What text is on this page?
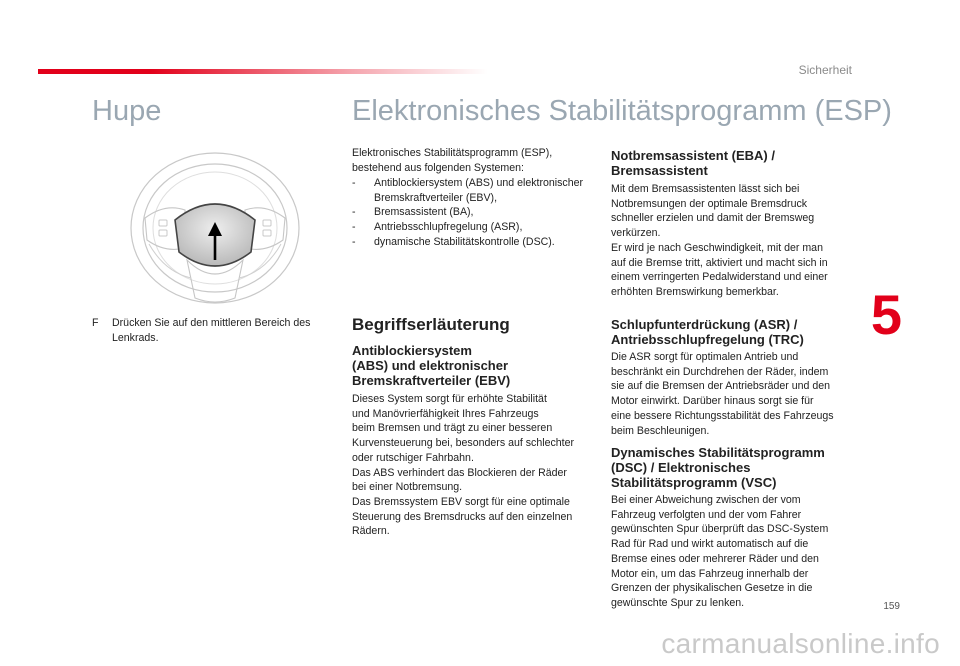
Sicherheit
Hupe	Elektronisches Stabilitätsprogramm (ESP)
F	Drücken Sie auf den mittleren Bereich des Lenkrads.
Elektronisches Stabilitätsprogramm (ESP),
bestehend aus folgenden Systemen:
- Antiblockiersystem (ABS) und elektronischer Bremskraftverteiler (EBV),
- Bremsassistent (BA),
- Antriebsschlupfregelung (ASR),
- dynamische Stabilitätskontrolle (DSC).
Begriffserläuterung
Antiblockiersystem
(ABS) und elektronischer
Bremskraftverteiler (EBV)
Dieses System sorgt für erhöhte Stabilität
und Manövrierfähigkeit Ihres Fahrzeugs
beim Bremsen und trägt zu einer besseren
Kurvensteuerung bei, besonders auf schlechter
oder rutschiger Fahrbahn.
Das ABS verhindert das Blockieren der Räder
bei einer Notbremsung.
Das Bremssystem EBV sorgt für eine optimale
Steuerung des Bremsdrucks auf den einzelnen
Rädern.
Notbremsassistent (EBA) /
Bremsassistent
Mit dem Bremsassistenten lässt sich bei
Notbremsungen der optimale Bremsdruck
schneller erzielen und damit der Bremsweg
verkürzen.
Er wird je nach Geschwindigkeit, mit der man
auf die Bremse tritt, aktiviert und macht sich in
einem verringerten Pedalwiderstand und einer
erhöhten Bremswirkung bemerkbar.
Schlupfunterdrückung (ASR) /
Antriebsschlupfregelung (TRC)
Die ASR sorgt für optimalen Antrieb und
beschränkt ein Durchdrehen der Räder, indem
sie auf die Bremsen der Antriebsräder und den
Motor einwirkt. Darüber hinaus sorgt sie für
eine bessere Richtungsstabilität des Fahrzeugs
beim Beschleunigen.
Dynamisches Stabilitätsprogramm
(DSC) / Elektronisches
Stabilitätsprogramm (VSC)
Bei einer Abweichung zwischen der vom
Fahrzeug verfolgten und der vom Fahrer
gewünschten Spur überprüft das DSC-System
Rad für Rad und wirkt automatisch auf die
Bremse eines oder mehrerer Räder und den
Motor ein, um das Fahrzeug innerhalb der
Grenzen der physikalischen Gesetze in die
gewünschte Spur zu lenken.
5
159
carmanualsonline.info
